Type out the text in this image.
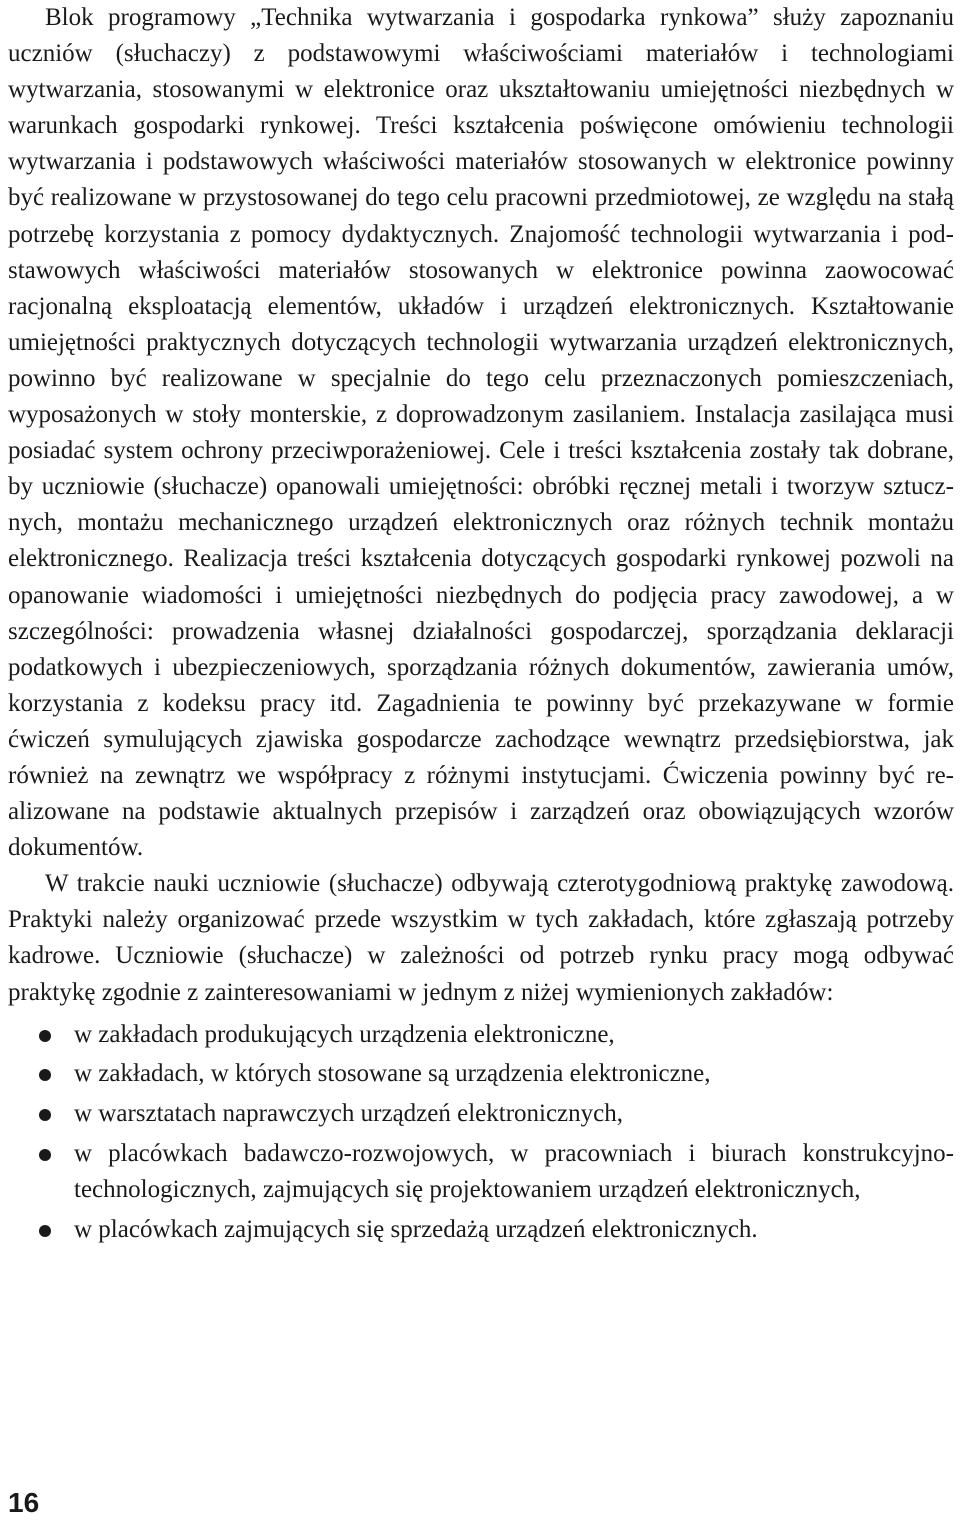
Blok programowy „Technika wytwarzania i gospodarka rynkowa” służy zapoznaniu uczniów (słuchaczy) z podstawowymi właściwościami materiałów i technologiami wytwarzania, stosowanymi w elektronice oraz ukształtowaniu umiejętności niezbędnych w warunkach gospodarki rynkowej. Treści kształcenia poświęcone omówieniu technologii wytwarzania i podstawowych właściwości materiałów stosowanych w elektronice powinny być realizowane w przystosowanej do tego celu pracowni przedmiotowej, ze względu na stałą potrzebę korzystania z pomocy dydaktycznych. Znajomość technologii wytwarzania i podstawowych właściwości materiałów stosowanych w elektronice powinna zaowocować racjonalną eksploatacją elementów, układów i urządzeń elektronicznych. Kształtowanie umiejętności praktycznych dotyczących technologii wytwarzania urządzeń elektronicznych, powinno być realizowane w specjalnie do tego celu przeznaczonych pomieszczeniach, wyposażonych w stoły monterskie, z doprowadzonym zasilaniem. Instalacja zasilająca musi posiadać system ochrony przeciwporażeniowej. Cele i treści kształcenia zostały tak dobrane, by uczniowie (słuchacze) opanowali umiejętności: obróbki ręcznej metali i tworzyw sztucznych, montażu mechanicznego urządzeń elektronicznych oraz różnych technik montażu elektronicznego. Realizacja treści kształcenia dotyczących gospodarki rynkowej pozwoli na opanowanie wiadomości i umiejętności niezbędnych do podjęcia pracy zawodowej, a w szczególności: prowadzenia własnej działalności gospodarczej, sporządzania deklaracji podatkowych i ubezpieczeniowych, sporządzania różnych dokumentów, zawierania umów, korzystania z kodeksu pracy itd. Zagadnienia te powinny być przekazywane w formie ćwiczeń symulujących zjawiska gospodarcze zachodzące wewnątrz przedsiębiorstwa, jak również na zewnątrz we współpracy z różnymi instytucjami. Ćwiczenia powinny być realizowane na podstawie aktualnych przepisów i zarządzeń oraz obowiązujących wzorów dokumentów.

W trakcie nauki uczniowie (słuchacze) odbywają czterotygodniową praktykę zawodową. Praktyki należy organizować przede wszystkim w tych zakładach, które zgłaszają potrzeby kadrowe. Uczniowie (słuchacze) w zależności od potrzeb rynku pracy mogą odbywać praktykę zgodnie z zainteresowaniami w jednym z niżej wymienionych zakładów:

w zakładach produkujących urządzenia elektroniczne,
w zakładach, w których stosowane są urządzenia elektroniczne,
w warsztatach naprawczych urządzeń elektronicznych,
w placówkach badawczo-rozwojowych, w pracowniach i biurach konstrukcyjno-technologicznych, zajmujących się projektowaniem urządzeń elektronicznych,
w placówkach zajmujących się sprzedażą urządzeń elektronicznych.
16
